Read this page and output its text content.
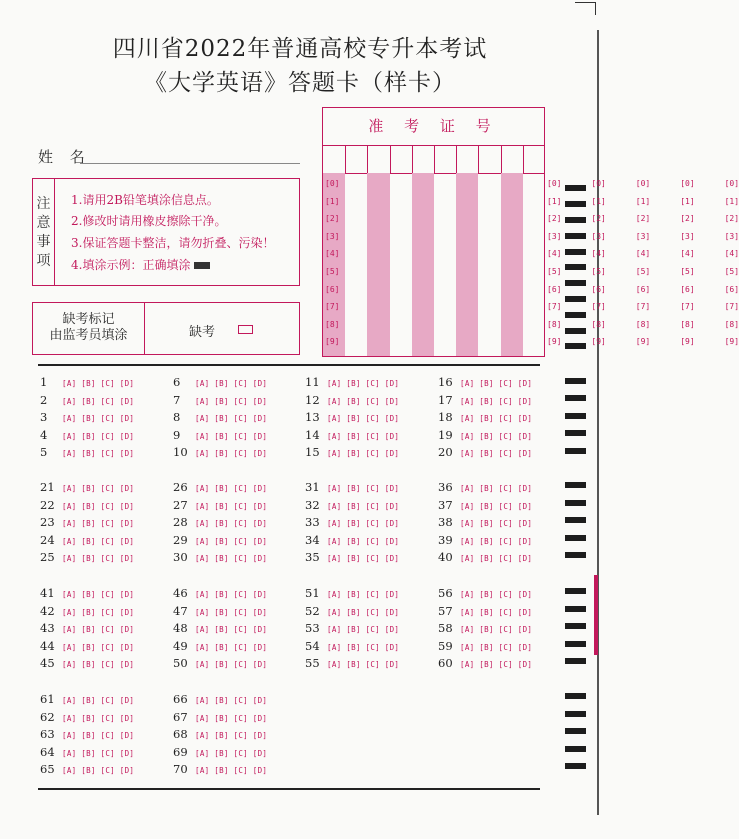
四川省2022年普通高校专升本考试
《大学英语》答题卡（样卡）
姓 名
准 考 证 号
[0]
[1]
[2]
[3]
[4]
[5]
[6]
[7]
[8]
[9]
[0]
[1]
[2]
[3]
[4]
[5]
[6]
[7]
[8]
[9]
[0]
[1]
[2]
[3]
[4]
[5]
[6]
[7]
[8]
[9]
[0]
[1]
[2]
[3]
[4]
[5]
[6]
[7]
[8]
[9]
[0]
[1]
[2]
[3]
[4]
[5]
[6]
[7]
[8]
[9]
[0]
[1]
[2]
[3]
[4]
[5]
[6]
[7]
[8]
[9]
注意事项
1.请用2B铅笔填涂信息点。
2.修改时请用橡皮擦除干净。
3.保证答题卡整洁，请勿折叠、污染！
4.填涂示例：正确填涂
缺考标记
由监考员填涂	缺考
1 [A] [B] [C] [D]
2 [A] [B] [C] [D]
3 [A] [B] [C] [D]
4 [A] [B] [C] [D]
5 [A] [B] [C] [D]
6 [A] [B] [C] [D]
7 [A] [B] [C] [D]
8 [A] [B] [C] [D]
9 [A] [B] [C] [D]
10 [A] [B] [C] [D]
11 [A] [B] [C] [D]
12 [A] [B] [C] [D]
13 [A] [B] [C] [D]
14 [A] [B] [C] [D]
15 [A] [B] [C] [D]
16 [A] [B] [C] [D]
17 [A] [B] [C] [D]
18 [A] [B] [C] [D]
19 [A] [B] [C] [D]
20 [A] [B] [C] [D]
21 [A] [B] [C] [D]
22 [A] [B] [C] [D]
23 [A] [B] [C] [D]
24 [A] [B] [C] [D]
25 [A] [B] [C] [D]
26 [A] [B] [C] [D]
27 [A] [B] [C] [D]
28 [A] [B] [C] [D]
29 [A] [B] [C] [D]
30 [A] [B] [C] [D]
31 [A] [B] [C] [D]
32 [A] [B] [C] [D]
33 [A] [B] [C] [D]
34 [A] [B] [C] [D]
35 [A] [B] [C] [D]
36 [A] [B] [C] [D]
37 [A] [B] [C] [D]
38 [A] [B] [C] [D]
39 [A] [B] [C] [D]
40 [A] [B] [C] [D]
41 [A] [B] [C] [D]
42 [A] [B] [C] [D]
43 [A] [B] [C] [D]
44 [A] [B] [C] [D]
45 [A] [B] [C] [D]
46 [A] [B] [C] [D]
47 [A] [B] [C] [D]
48 [A] [B] [C] [D]
49 [A] [B] [C] [D]
50 [A] [B] [C] [D]
51 [A] [B] [C] [D]
52 [A] [B] [C] [D]
53 [A] [B] [C] [D]
54 [A] [B] [C] [D]
55 [A] [B] [C] [D]
56 [A] [B] [C] [D]
57 [A] [B] [C] [D]
58 [A] [B] [C] [D]
59 [A] [B] [C] [D]
60 [A] [B] [C] [D]
61 [A] [B] [C] [D]
62 [A] [B] [C] [D]
63 [A] [B] [C] [D]
64 [A] [B] [C] [D]
65 [A] [B] [C] [D]
66 [A] [B] [C] [D]
67 [A] [B] [C] [D]
68 [A] [B] [C] [D]
69 [A] [B] [C] [D]
70 [A] [B] [C] [D]
